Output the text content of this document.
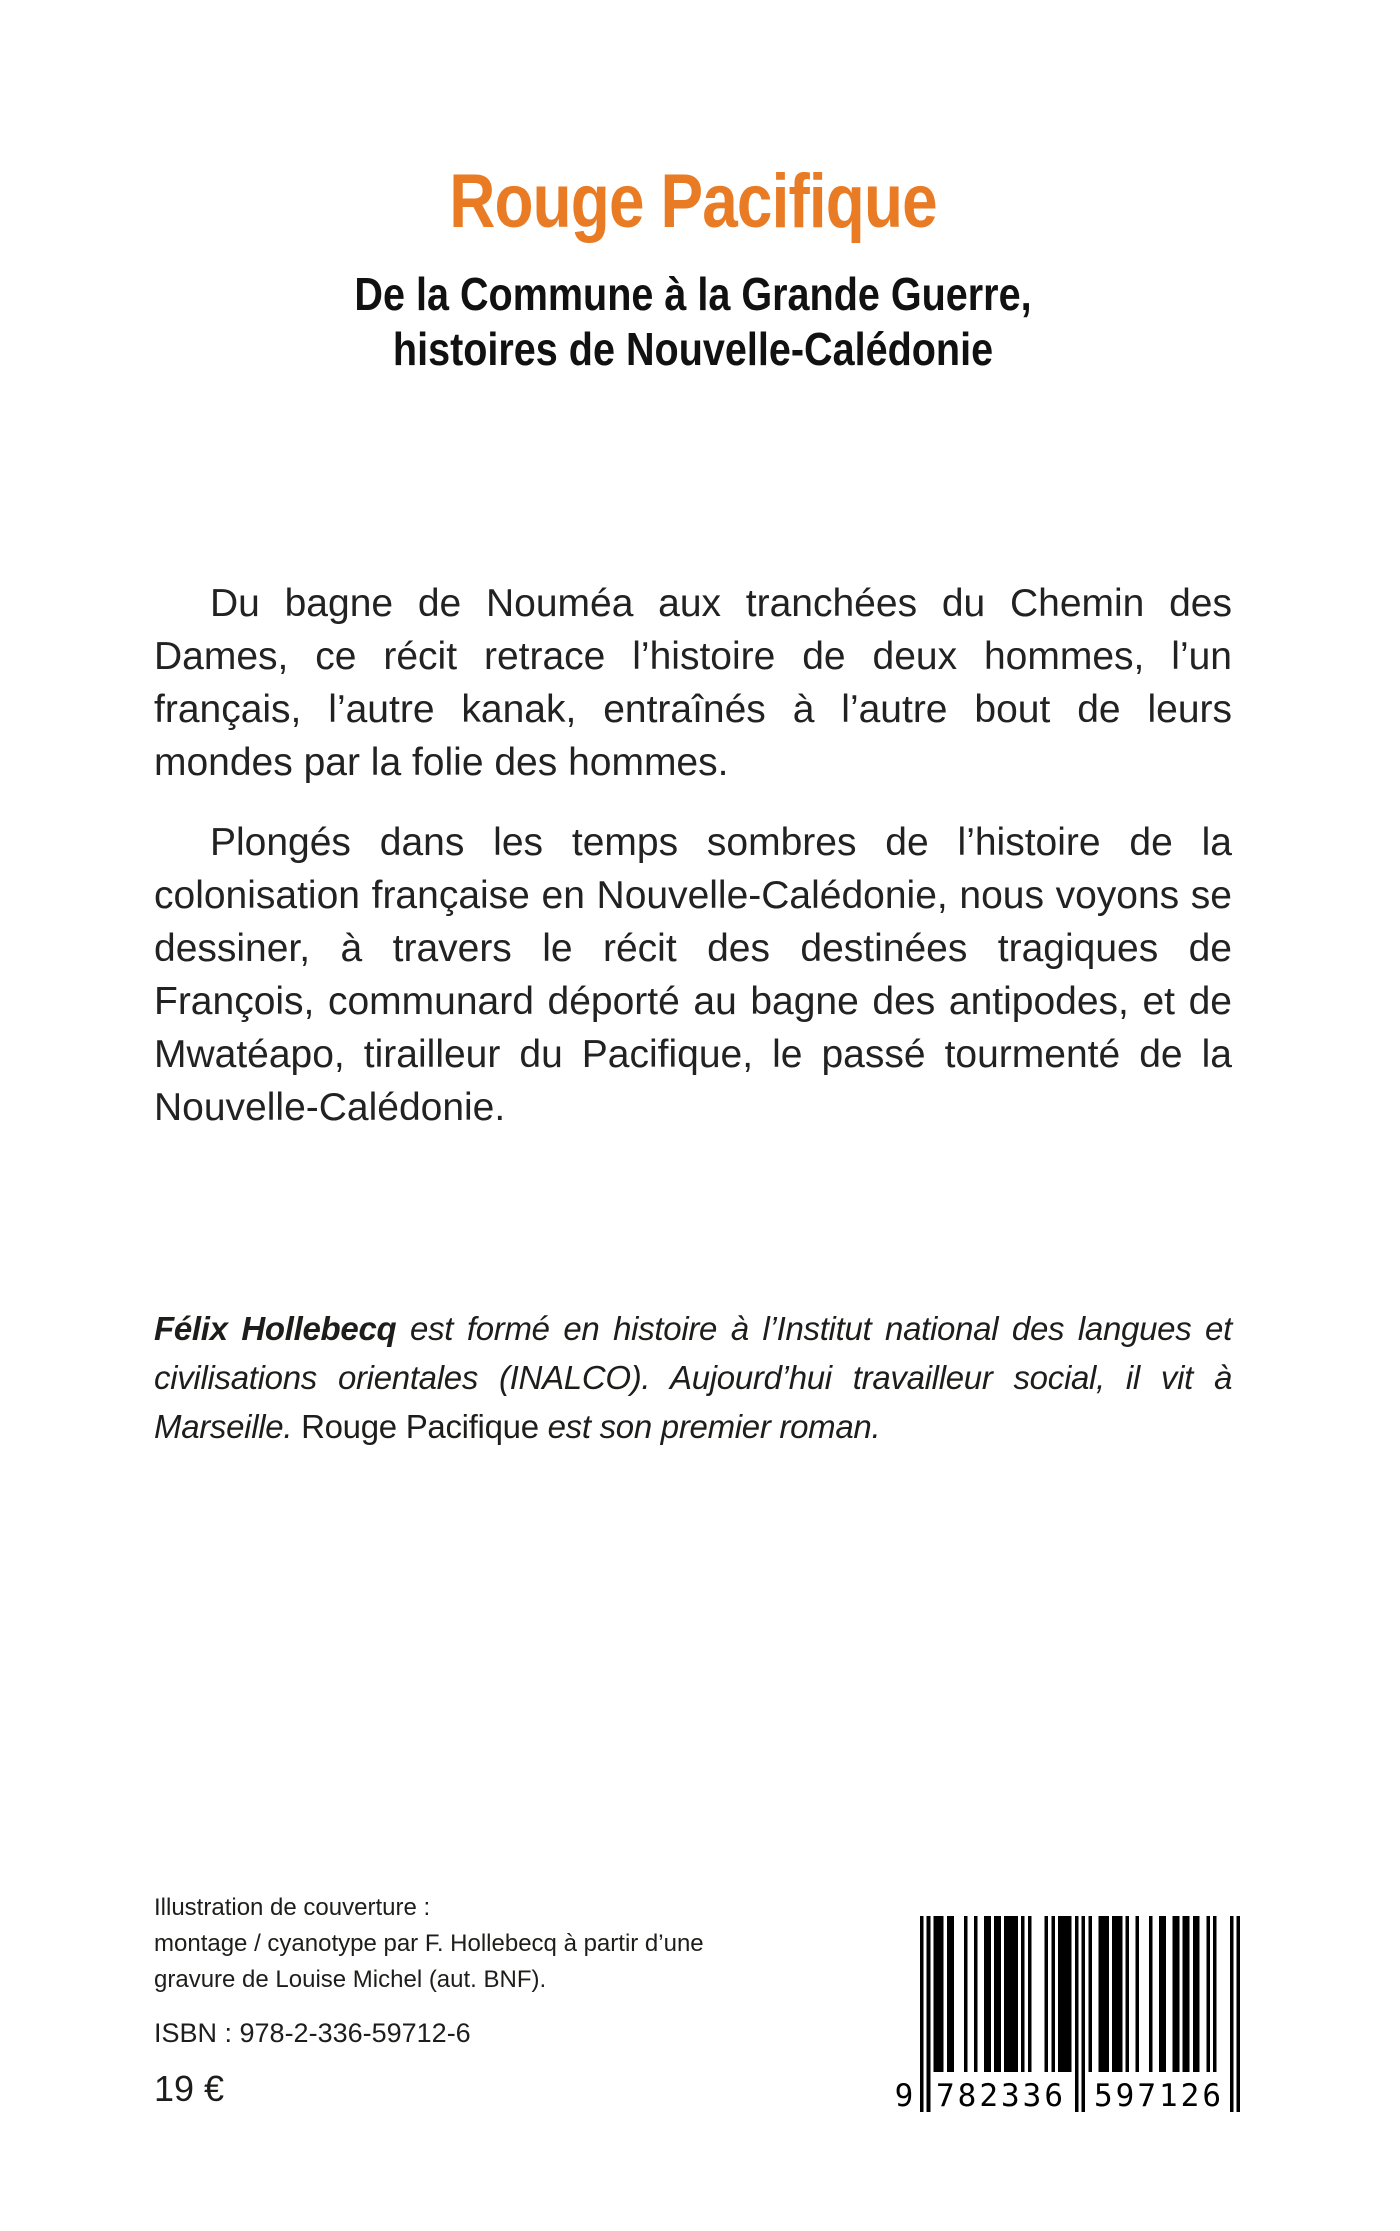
Rouge Pacifique
De la Commune à la Grande Guerre,
histoires de Nouvelle-Calédonie

Du bagne de Nouméa aux tranchées du Chemin des Dames, ce récit retrace l’histoire de deux hommes, l’un français, l’autre kanak, entraînés à l’autre bout de leurs mondes par la folie des hommes.

Plongés dans les temps sombres de l’histoire de la colonisation française en Nouvelle-Calédonie, nous voyons se dessiner, à travers le récit des destinées tragiques de François, communard déporté au bagne des antipodes, et de Mwatéapo, tirailleur du Pacifique, le passé tourmenté de la Nouvelle-Calédonie.

Félix Hollebecq est formé en histoire à l’Institut national des langues et civilisations orientales (INALCO). Aujourd’hui travailleur social, il vit à Marseille. Rouge Pacifique est son premier roman.

Illustration de couverture :
montage / cyanotype par F. Hollebecq à partir d’une
gravure de Louise Michel (aut. BNF).
ISBN : 978-2-336-59712-6
19 €	9 782336 597126
